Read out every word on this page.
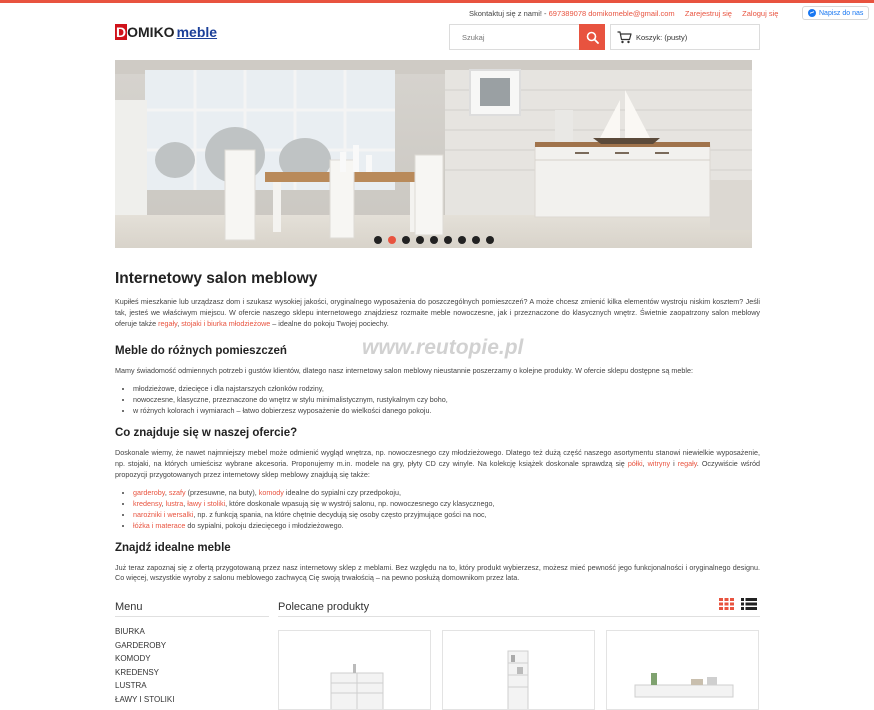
Skontaktuj się z nami! - 697389078 domikomeble@gmail.com Zarejestruj się Zaloguj się	Napisz do nas
D OMIKO meble
Szukaj	Koszyk: (pusty)
www.reutopie.pl
Internetowy salon meblowy

Kupiłeś mieszkanie lub urządzasz dom i szukasz wysokiej jakości, oryginalnego wyposażenia do poszczególnych pomieszczeń? A może chcesz zmienić kilka elementów wystroju niskim kosztem? Jeśli tak, jesteś we właściwym miejscu. W ofercie naszego sklepu internetowego znajdziesz rozmaite meble nowoczesne, jak i przeznaczone do klasycznych wnętrz. Świetnie zaopatrzony salon meblowy oferuje także regały, stojaki i biurka młodzieżowe – idealne do pokoju Twojej pociechy.

Meble do różnych pomieszczeń

Mamy świadomość odmiennych potrzeb i gustów klientów, dlatego nasz internetowy salon meblowy nieustannie poszerzamy o kolejne produkty. W ofercie sklepu dostępne są meble:

• młodzieżowe, dziecięce i dla najstarszych członków rodziny,
• nowoczesne, klasyczne, przeznaczone do wnętrz w stylu minimalistycznym, rustykalnym czy boho,
• w różnych kolorach i wymiarach – łatwo dobierzesz wyposażenie do wielkości danego pokoju.
Co znajduje się w naszej ofercie?

Doskonale wiemy, że nawet najmniejszy mebel może odmienić wygląd wnętrza, np. nowoczesnego czy młodzieżowego. Dlatego też dużą część naszego asortymentu stanowi niewielkie wyposażenie, np. stojaki, na których umieścisz wybrane akcesoria. Proponujemy m.in. modele na gry, płyty CD czy winyle. Na kolekcję książek doskonale sprawdzą się półki, witryny i regały. Oczywiście wśród propozycji przygotowanych przez internetowy sklep meblowy znajdują się także:

• garderoby, szafy (przesuwne, na buty), komody idealne do sypialni czy przedpokoju,
• kredensy, lustra, ławy i stoliki, które doskonale wpasują się w wystrój salonu, np. nowoczesnego czy klasycznego,
• narożniki i wersalki, np. z funkcją spania, na które chętnie decydują się osoby często przyjmujące gości na noc,
• łóżka i materace do sypialni, pokoju dziecięcego i młodzieżowego.
Znajdź idealne meble

Już teraz zapoznaj się z ofertą przygotowaną przez nasz internetowy sklep z meblami. Bez względu na to, który produkt wybierzesz, możesz mieć pewność jego funkcjonalności i oryginalnego designu. Co więcej, wszystkie wyroby z salonu meblowego zachwycą Cię swoją trwałością – na pewno posłużą domownikom przez lata.

Menu
BIURKA
GARDEROBY
KOMODY
KREDENSY
LUSTRA
ŁAWY I STOLIKI
Polecane produkty
